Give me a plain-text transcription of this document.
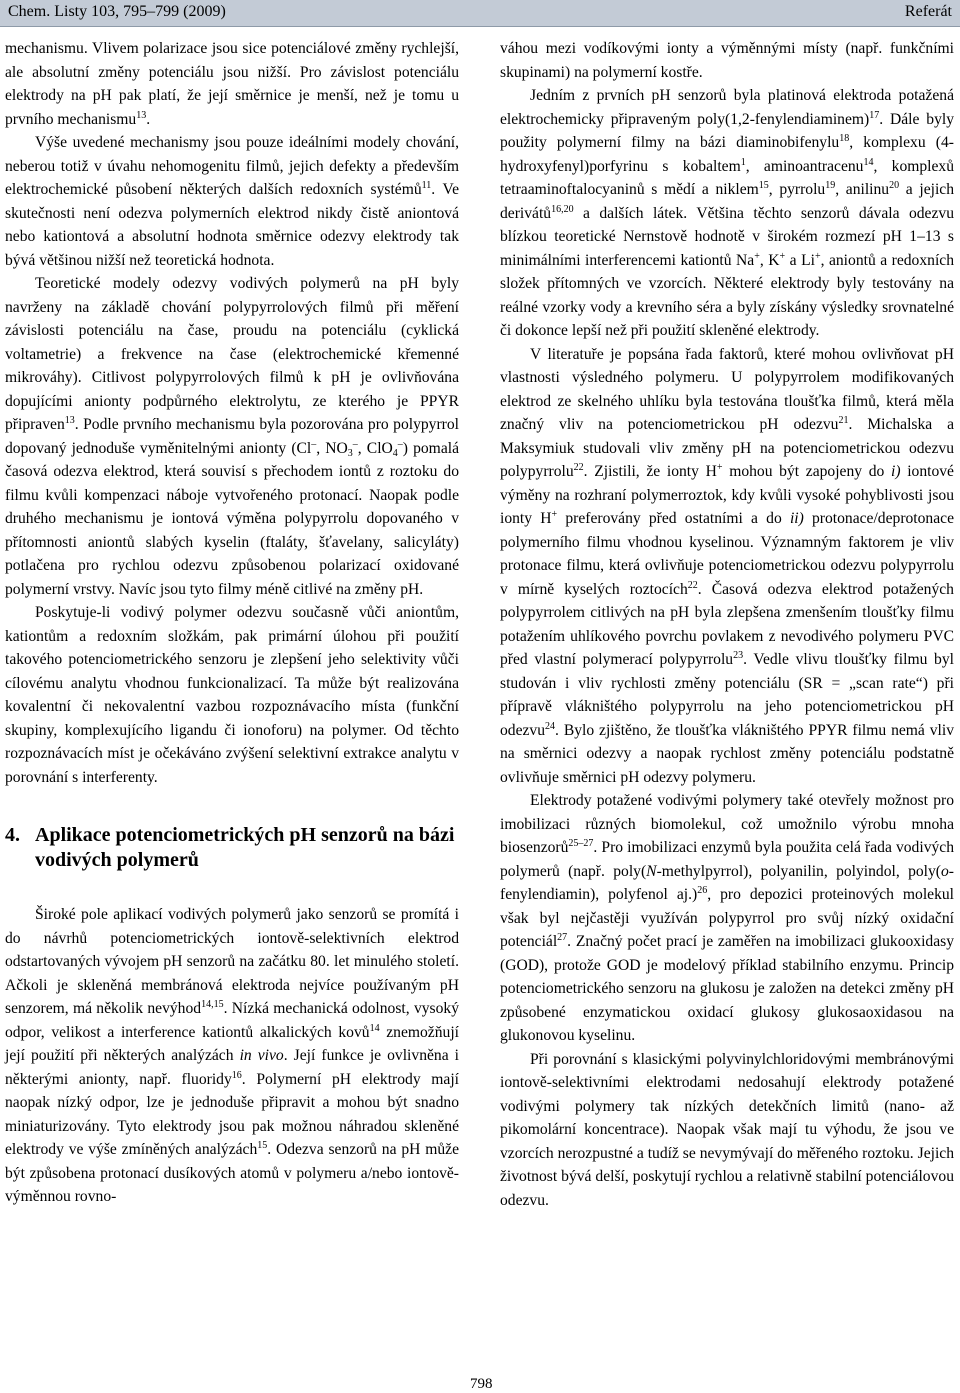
Chem. Listy 103, 795–799 (2009)	Referát

mechanismu. Vlivem polarizace jsou sice potenciálové změny rychlejší, ale absolutní změny potenciálu jsou nižší. Pro závislost potenciálu elektrody na pH pak platí, že její směrnice je menší, než je tomu u prvního mechanismu$^{13}$.

Výše uvedené mechanismy jsou pouze ideálními modely chování, neberou totiž v úvahu nehomogenitu filmů, jejich defekty a především elektrochemické působení některých dalších redoxních systémů$^{11}$. Ve skutečnosti není odezva polymerních elektrod nikdy čistě aniontová nebo kationtová a absolutní hodnota směrnice odezvy elektrody tak bývá většinou nižší než teoretická hodnota.

Teoretické modely odezvy vodivých polymerů na pH byly navrženy na základě chování polypyrrolových filmů při měření závislosti potenciálu na čase, proudu na potenciálu (cyklická voltametrie) a frekvence na čase (elektrochemické křemenné mikrováhy). Citlivost polypyrrolových filmů k pH je ovlivňována dopujícími anionty podpůrného elektrolytu, ze kterého je PPYR připraven$^{13}$. Podle prvního mechanismu byla pozorována pro polypyrrol dopovaný jednoduše vyměnitelnými anionty (Cl–, $NO_3^-$, ClO$_4$–) pomalá časová odezva elektrod, která souvisí s přechodem iontů z roztoku do filmu kvůli kompenzaci náboje vytvořeného protonací. Naopak podle druhého mechanismu je iontová výměna polypyrrolu dopovaného v přítomnosti aniontů slabých kyselin (ftaláty, šťavelany, salicyláty) potlačena pro rychlou odezvu způsobenou polarizací oxidované polymerní vrstvy. Navíc jsou tyto filmy méně citlivé na změny pH.

Poskytuje-li vodivý polymer odezvu současně vůči aniontům, kationtům a redoxním složkám, pak primární úlohou při použití takového potenciometrického senzoru je zlepšení jeho selektivity vůči cílovému analytu vhodnou funkcionalizací. Ta může být realizována kovalentní či nekovalentní vazbou rozpoznávacího místa (funkční skupiny, komplexujícího ligandu či ionoforu) na polymer. Od těchto rozpoznávacích míst je očekáváno zvýšení selektivní extrakce analytu v porovnání s interferenty.

4. Aplikace potenciometrických pH senzorů na bázi vodivých polymerů

Široké pole aplikací vodivých polymerů jako senzorů se promítá i do návrhů potenciometrických iontově-selektivních elektrod odstartovaných vývojem pH senzorů na začátku 80. let minulého století. Ačkoli je skleněná membránová elektroda nejvíce používaným pH senzorem, má několik nevýhod$^{14,15}$. Nízká mechanická odolnost, vysoký odpor, velikost a interference kationtů alkalických kovů$^{14}$ znemožňují její použití při některých analýzách in vivo. Její funkce je ovlivněna i některými anionty, např. fluoridy$^{16}$. Polymerní pH elektrody mají naopak nízký odpor, lze je jednoduše připravit a mohou být snadno miniaturizovány. Tyto elektrody jsou pak možnou náhradou skleněné elektrody ve výše zmíněných analýzách$^{15}$. Odezva senzorů na pH může být způsobena protonací dusíkových atomů v polymeru a/nebo iontově-výměnnou rovno-

váhou mezi vodíkovými ionty a výměnnými místy (např. funkčními skupinami) na polymerní kostře.

Jedním z prvních pH senzorů byla platinová elektroda potažená elektrochemicky připraveným poly(1,2-fenylendiaminem)$^{17}$. Dále byly použity polymerní filmy na bázi diaminobifenylu$^{18}$, komplexu (4-hydroxyfenyl)porfyrinu s kobaltem$^1$, aminoantracenu$^{14}$, komplexů tetraaminoftalocyaninů s mědí a niklem$^{15}$, pyrrolu$^{19}$, anilinu$^{20}$ a jejich derivátů$^{16,20}$ a dalších látek. Většina těchto senzorů dávala odezvu blízkou teoretické Nernstově hodnotě v širokém rozmezí pH 1–13 s minimálními interferencemi kationtů Na+, K+ a Li+, aniontů a redoxních složek přítomných ve vzorcích. Některé elektrody byly testovány na reálné vzorky vody a krevního séra a byly získány výsledky srovnatelné či dokonce lepší než při použití skleněné elektrody.

V literatuře je popsána řada faktorů, které mohou ovlivňovat pH vlastnosti výsledného polymeru. U polypyrrolem modifikovaných elektrod ze skelného uhlíku byla testována tloušťka filmů, která měla značný vliv na potenciometrickou pH odezvu$^{21}$. Michalska a Maksymiuk studovali vliv změny pH na potenciometrickou odezvu polypyrrolu$^{22}$. Zjistili, že ionty H+ mohou být zapojeny do i) iontové výměny na rozhraní polymerroztok, kdy kvůli vysoké pohyblivosti jsou ionty H+ preferovány před ostatními a do ii) protonace/deprotonace polymerního filmu vhodnou kyselinou. Významným faktorem je vliv protonace filmu, která ovlivňuje potenciometrickou odezvu polypyrrolu v mírně kyselých roztocích$^{22}$. Časová odezva elektrod potažených polypyrrolem citlivých na pH byla zlepšena zmenšením tloušťky filmu potažením uhlíkového povrchu povlakem z nevodivého polymeru PVC před vlastní polymerací polypyrrolu$^{23}$. Vedle vlivu tloušťky filmu byl studován i vliv rychlosti změny potenciálu (SR = „scan rate“) při přípravě vlákništého polypyrrolu na jeho potenciometrickou pH odezvu$^{24}$. Bylo zjištěno, že tloušťka vlákništého PPYR filmu nemá vliv na směrnici odezvy a naopak rychlost změny potenciálu podstatně ovlivňuje směrnici pH odezvy polymeru.

Elektrody potažené vodivými polymery také otevřely možnost pro imobilizaci různých biomolekul, což umožnilo výrobu mnoha biosenzorů$^{25-27}$. Pro imobilizaci enzymů byla použita celá řada vodivých polymerů (např. poly(N-methylpyrrol), polyanilin, polyindol, poly(o-fenylendiamin), polyfenol aj.)$^{26}$, pro depozici proteinových molekul však byl nejčastěji využíván polypyrrol pro svůj nízký oxidační potenciál$^{27}$. Značný počet prací je zaměřen na imobilizaci glukooxidasy (GOD), protože GOD je modelový příklad stabilního enzymu. Princip potenciometrického senzoru na glukosu je založen na detekci změny pH způsobené enzymatickou oxidací glukosy glukosaoxidasou na glukonovou kyselinu.

Při porovnání s klasickými polyvinylchloridovými membránovými iontově-selektivními elektrodami nedosahují elektrody potažené vodivými polymery tak nízkých detekčních limitů (nano- až pikomolární koncentrace). Naopak však mají tu výhodu, že jsou ve vzorcích nerozpustné a tudíž se nevymývají do měřeného roztoku. Jejich životnost bývá delší, poskytují rychlou a relativně stabilní potenciálovou odezvu.

798
